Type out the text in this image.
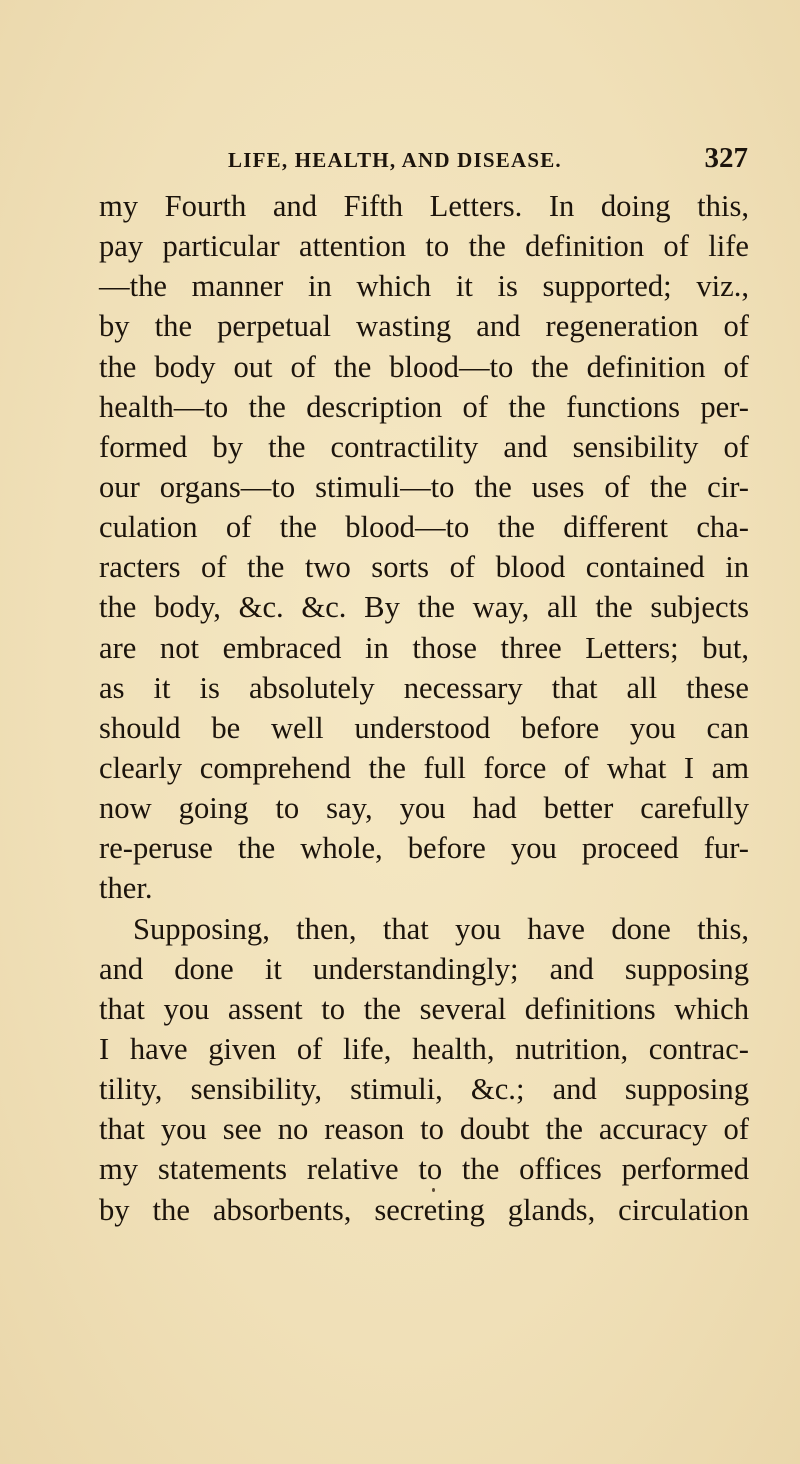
LIFE, HEALTH, AND DISEASE.	327
my Fourth and Fifth Letters. In doing this,
pay particular attention to the definition of life
—the manner in which it is supported; viz.,
by the perpetual wasting and regeneration of
the body out of the blood—to the definition of
health—to the description of the functions per-
formed by the contractility and sensibility of
our organs—to stimuli—to the uses of the cir-
culation of the blood—to the different cha-
racters of the two sorts of blood contained in
the body, &c. &c. By the way, all the subjects
are not embraced in those three Letters; but,
as it is absolutely necessary that all these
should be well understood before you can
clearly comprehend the full force of what I am
now going to say, you had better carefully
re-peruse the whole, before you proceed fur-
ther.
Supposing, then, that you have done this,
and done it understandingly; and supposing
that you assent to the several definitions which
I have given of life, health, nutrition, contrac-
tility, sensibility, stimuli, &c.; and supposing
that you see no reason to doubt the accuracy of
my statements relative to the offices performed
by the absorbents, secreting glands, circulation
